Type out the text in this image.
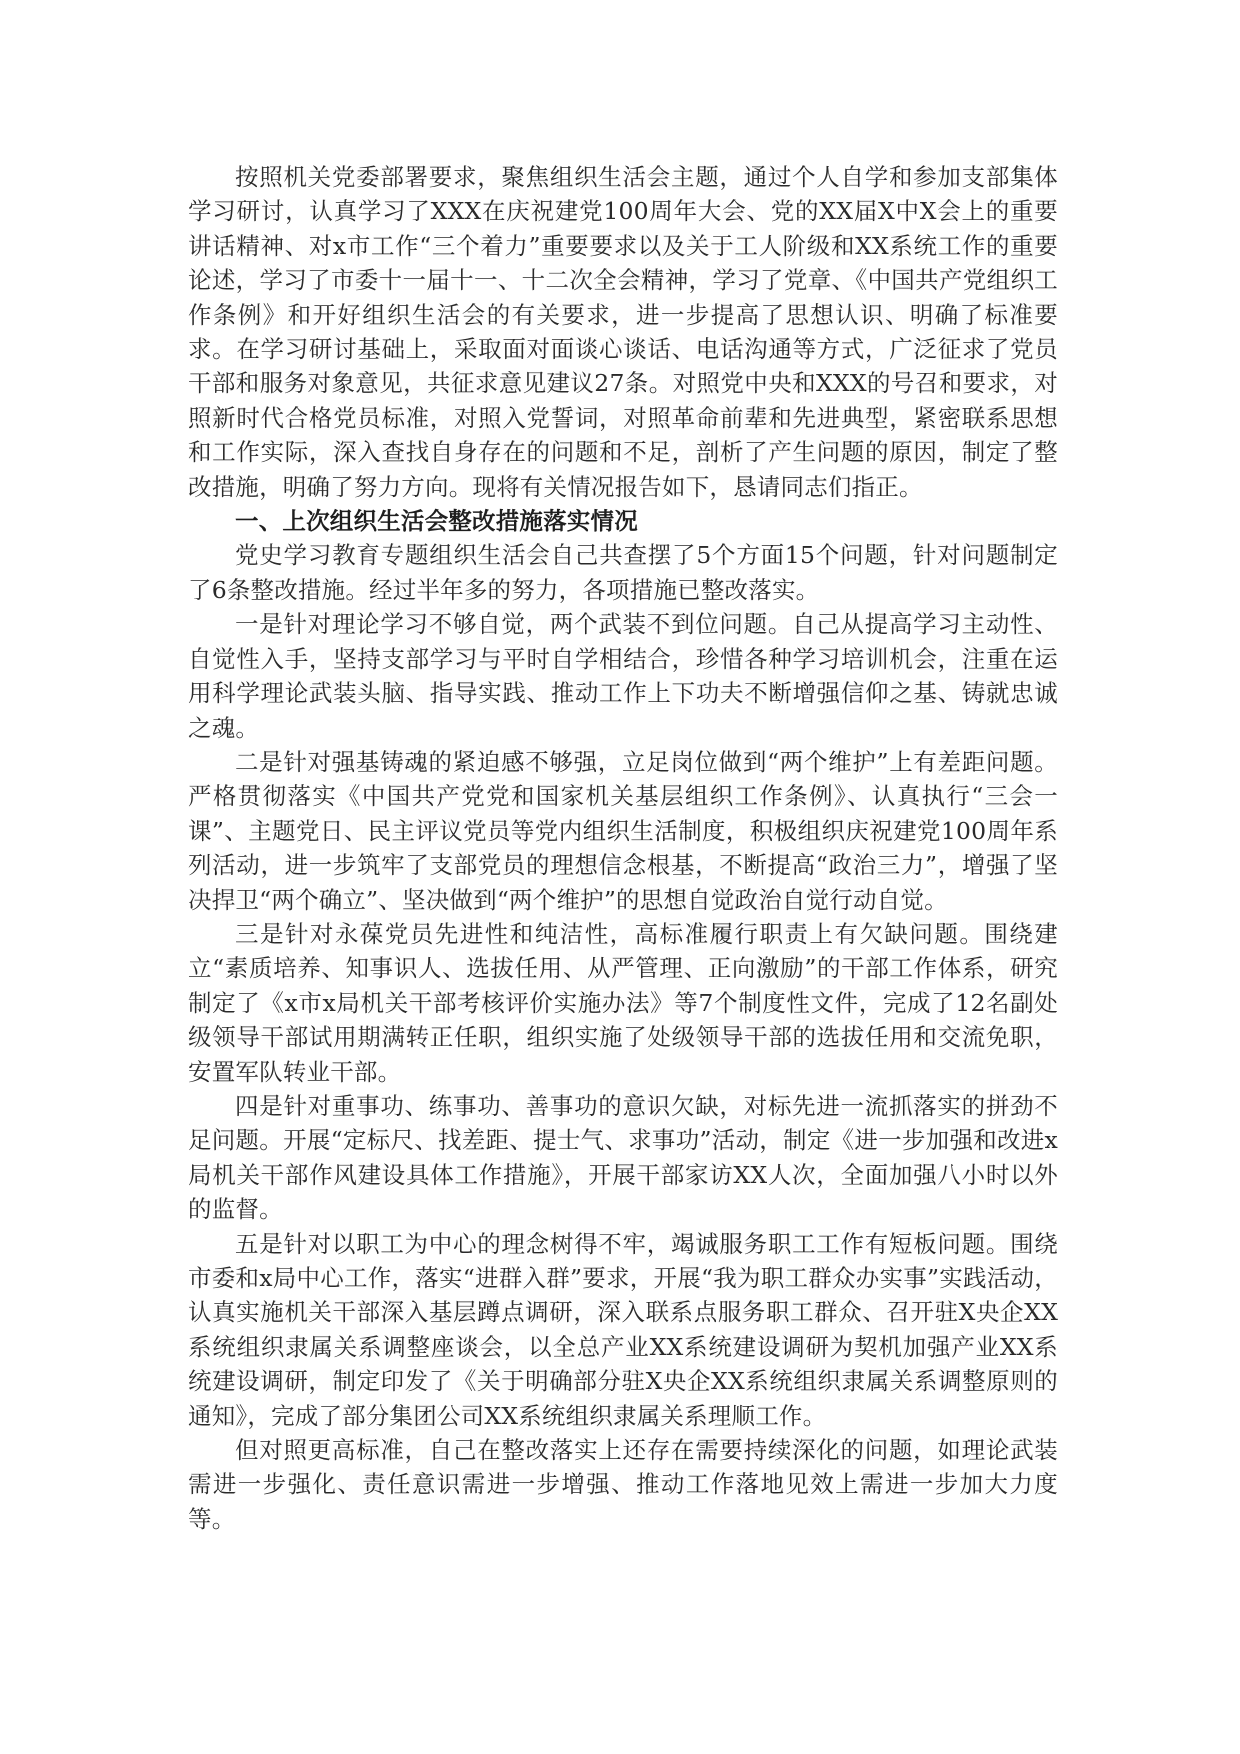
按照机关党委部署要求，聚焦组织生活会主题，通过个人自学和参加支部集体学习研讨，认真学习了XXX在庆祝建党100周年大会、党的XX届X中X会上的重要讲话精神、对x市工作“三个着力”重要要求以及关于工人阶级和XX系统工作的重要论述，学习了市委十一届十一、十二次全会精神，学习了党章、《中国共产党组织工作条例》和开好组织生活会的有关要求，进一步提高了思想认识、明确了标准要求。在学习研讨基础上，采取面对面谈心谈话、电话沟通等方式，广泛征求了党员干部和服务对象意见，共征求意见建议27条。对照党中央和XXX的号召和要求，对照新时代合格党员标准，对照入党誓词，对照革命前辈和先进典型，紧密联系思想和工作实际，深入查找自身存在的问题和不足，剖析了产生问题的原因，制定了整改措施，明确了努力方向。现将有关情况报告如下，恳请同志们指正。

一、上次组织生活会整改措施落实情况

党史学习教育专题组织生活会自己共查摆了5个方面15个问题，针对问题制定了6条整改措施。经过半年多的努力，各项措施已整改落实。

一是针对理论学习不够自觉，两个武装不到位问题。自己从提高学习主动性、自觉性入手，坚持支部学习与平时自学相结合，珍惜各种学习培训机会，注重在运用科学理论武装头脑、指导实践、推动工作上下功夫不断增强信仰之基、铸就忠诚之魂。

二是针对强基铸魂的紧迫感不够强，立足岗位做到“两个维护”上有差距问题。严格贯彻落实《中国共产党党和国家机关基层组织工作条例》、认真执行“三会一课”、主题党日、民主评议党员等党内组织生活制度，积极组织庆祝建党100周年系列活动，进一步筑牢了支部党员的理想信念根基，不断提高“政治三力”，增强了坚决捍卫“两个确立”、坚决做到“两个维护”的思想自觉政治自觉行动自觉。

三是针对永葆党员先进性和纯洁性，高标准履行职责上有欠缺问题。围绕建立“素质培养、知事识人、选拔任用、从严管理、正向激励”的干部工作体系，研究制定了《x市x局机关干部考核评价实施办法》等7个制度性文件，完成了12名副处级领导干部试用期满转正任职，组织实施了处级领导干部的选拔任用和交流免职，安置军队转业干部。

四是针对重事功、练事功、善事功的意识欠缺，对标先进一流抓落实的拼劲不足问题。开展“定标尺、找差距、提士气、求事功”活动，制定《进一步加强和改进x局机关干部作风建设具体工作措施》，开展干部家访XX人次，全面加强八小时以外的监督。

五是针对以职工为中心的理念树得不牢，竭诚服务职工工作有短板问题。围绕市委和x局中心工作，落实“进群入群”要求，开展“我为职工群众办实事”实践活动，认真实施机关干部深入基层蹲点调研，深入联系点服务职工群众、召开驻X央企XX系统组织隶属关系调整座谈会，以全总产业XX系统建设调研为契机加强产业XX系统建设调研，制定印发了《关于明确部分驻X央企XX系统组织隶属关系调整原则的通知》，完成了部分集团公司XX系统组织隶属关系理顺工作。

但对照更高标准，自己在整改落实上还存在需要持续深化的问题，如理论武装需进一步强化、责任意识需进一步增强、推动工作落地见效上需进一步加大力度等。
